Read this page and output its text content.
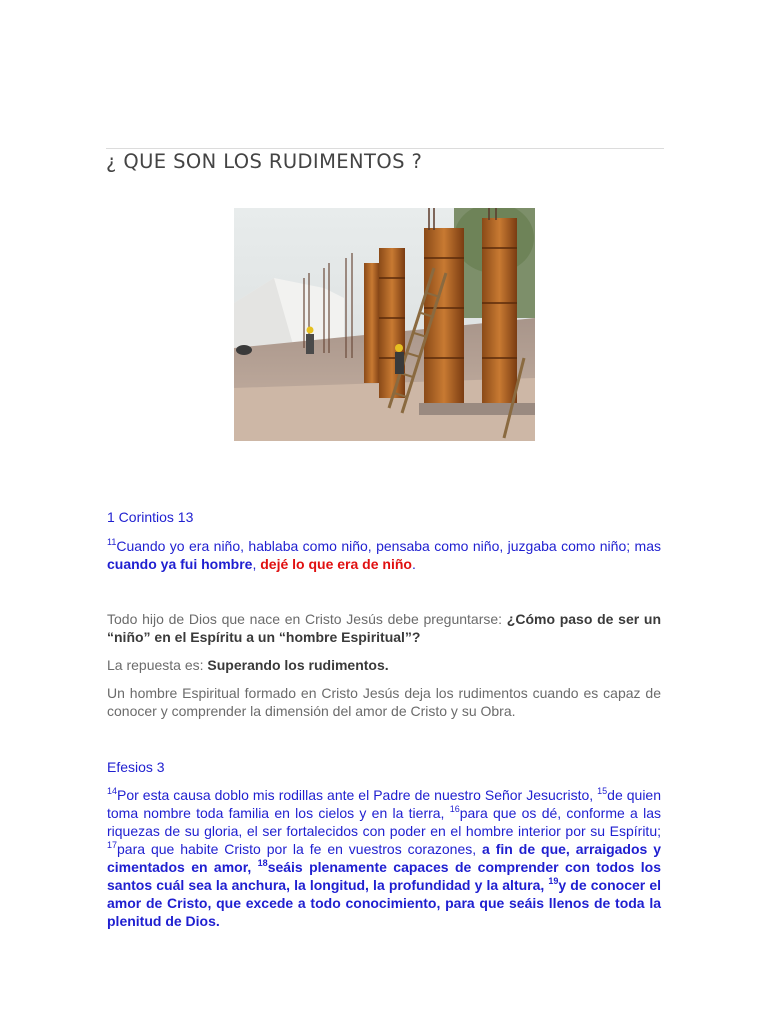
¿ QUE SON LOS RUDIMENTOS ?

1 Corintios 13

$^{11}$Cuando yo era niño, hablaba como niño, pensaba como niño, juzgaba como niño; mas cuando ya fui hombre, dejé lo que era de niño.

Todo hijo de Dios que nace en Cristo Jesús debe preguntarse: ¿Cómo paso de ser un “niño” en el Espíritu a un “hombre Espiritual”?

La repuesta es: Superando los rudimentos.

Un hombre Espiritual formado en Cristo Jesús deja los rudimentos cuando es capaz de conocer y comprender la dimensión del amor de Cristo y su Obra.

Efesios 3

$^{14}$Por esta causa doblo mis rodillas ante el Padre de nuestro Señor Jesucristo, $^{15}$de quien toma nombre toda familia en los cielos y en la tierra, $^{16}$para que os dé, conforme a las riquezas de su gloria, el ser fortalecidos con poder en el hombre interior por su Espíritu; $^{17}$para que habite Cristo por la fe en vuestros corazones, a fin de que, arraigados y cimentados en amor, $^{18}$seáis plenamente capaces de comprender con todos los santos cuál sea la anchura, la longitud, la profundidad y la altura, $^{19}$y de conocer el amor de Cristo, que excede a todo conocimiento, para que seáis llenos de toda la plenitud de Dios.
